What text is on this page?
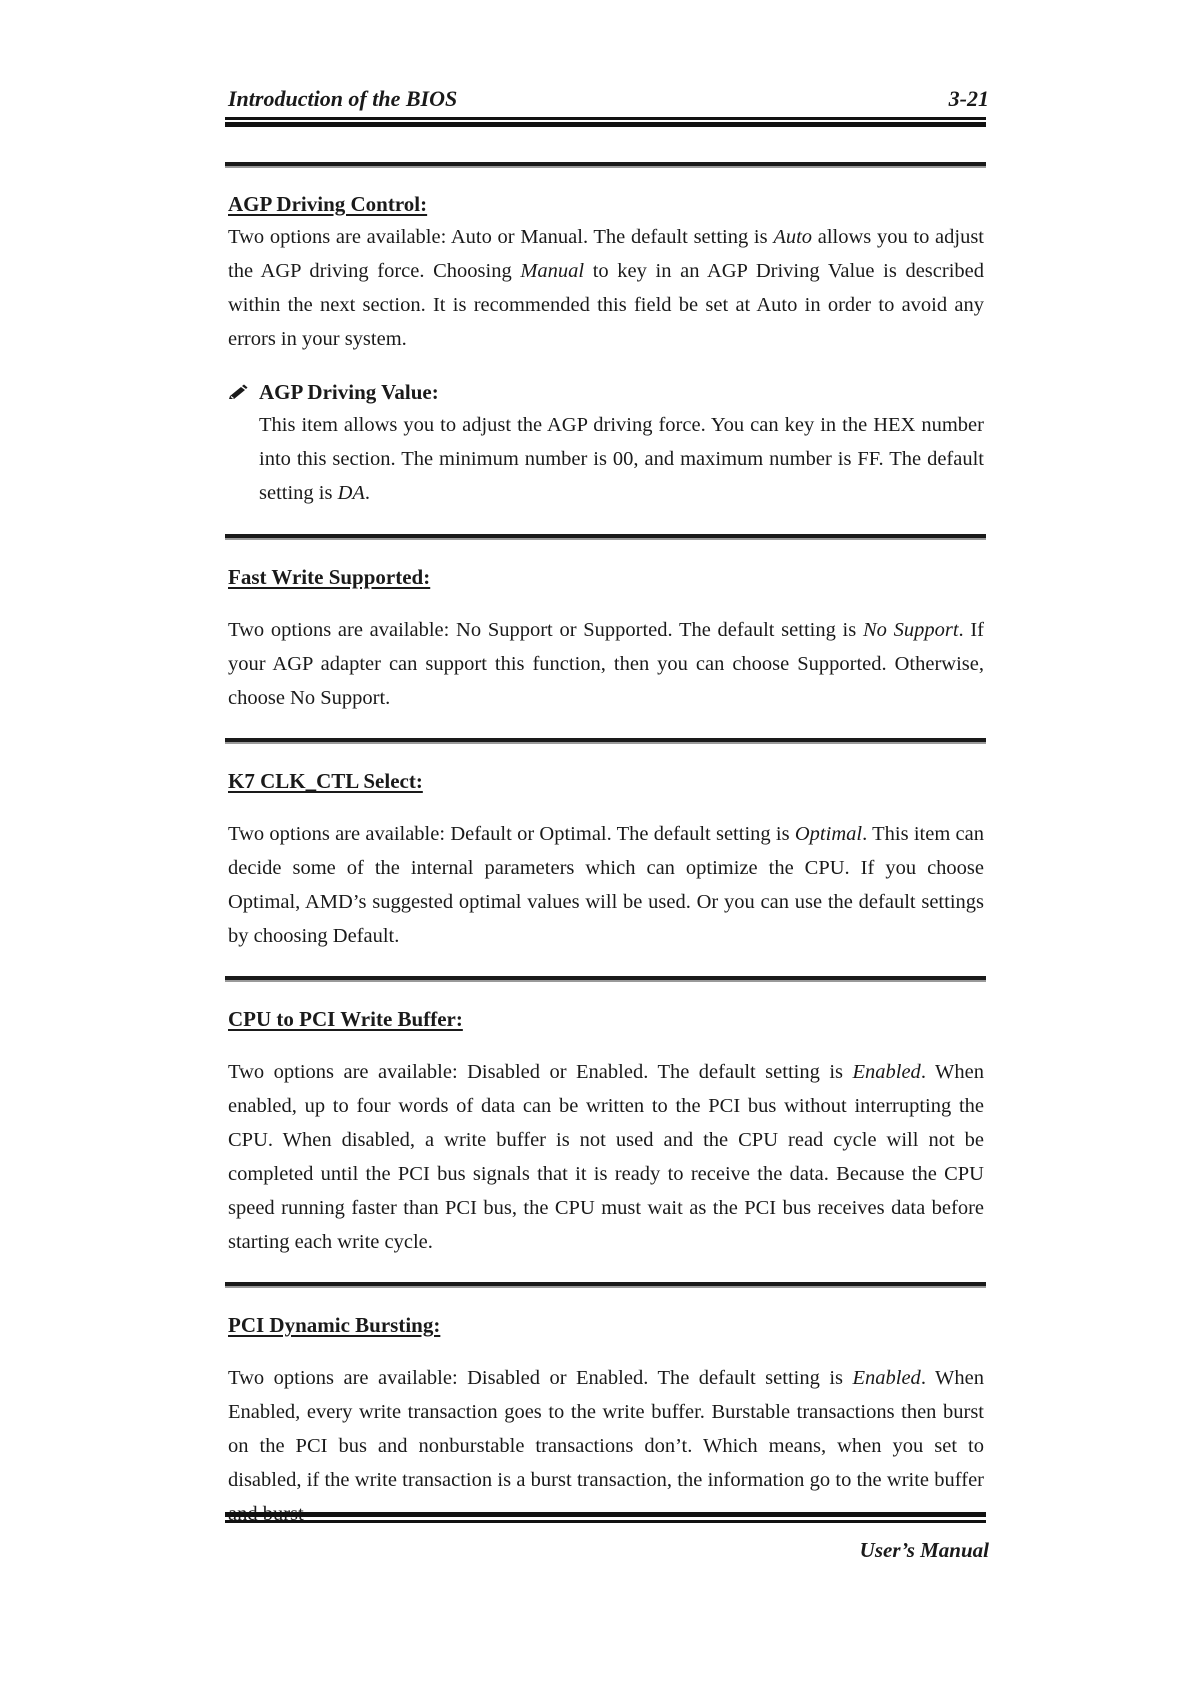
Introduction of the BIOS	3-21
AGP Driving Control:

Two options are available: Auto or Manual. The default setting is Auto allows you to adjust the AGP driving force. Choosing Manual to key in an AGP Driving Value is described within the next section. It is recommended this field be set at Auto in order to avoid any errors in your system.

AGP Driving Value:

This item allows you to adjust the AGP driving force. You can key in the HEX number into this section. The minimum number is 00, and maximum number is FF. The default setting is DA.

Fast Write Supported:

Two options are available: No Support or Supported. The default setting is No Support. If your AGP adapter can support this function, then you can choose Supported. Otherwise, choose No Support.

K7 CLK_CTL Select:

Two options are available: Default or Optimal. The default setting is Optimal. This item can decide some of the internal parameters which can optimize the CPU. If you choose Optimal, AMD’s suggested optimal values will be used. Or you can use the default settings by choosing Default.

CPU to PCI Write Buffer:

Two options are available: Disabled or Enabled. The default setting is Enabled. When enabled, up to four words of data can be written to the PCI bus without interrupting the CPU. When disabled, a write buffer is not used and the CPU read cycle will not be completed until the PCI bus signals that it is ready to receive the data. Because the CPU speed running faster than PCI bus, the CPU must wait as the PCI bus receives data before starting each write cycle.

PCI Dynamic Bursting:

Two options are available: Disabled or Enabled. The default setting is Enabled. When Enabled, every write transaction goes to the write buffer. Burstable transactions then burst on the PCI bus and nonburstable transactions don’t. Which means, when you set to disabled, if the write transaction is a burst transaction, the information go to the write buffer

User’s Manual
